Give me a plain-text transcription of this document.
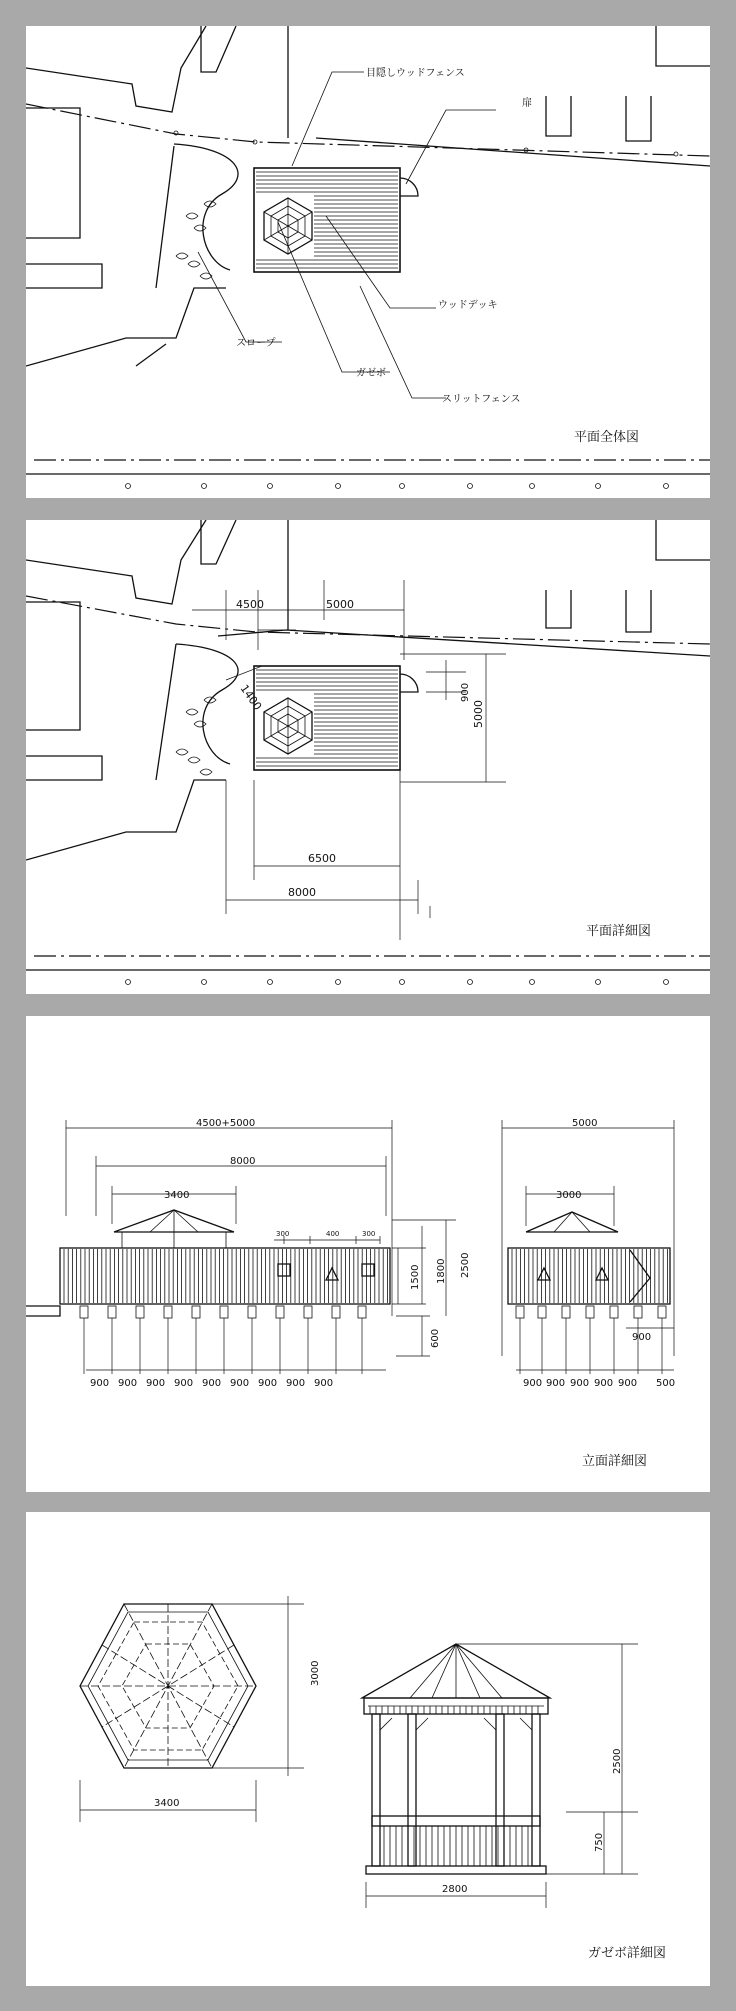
目隠しウッドフェンス
扉
ウッドデッキ
スロープ
ガゼボ
スリットフェンス
平面全体図
4500	5000
1400	900
5000
6500
8000
平面詳細図
4500+5000
8000
3400
300	400	300
1500 1800 2500
600
900 900 900 900 900 900 900 900 900
5000
3000
900
500
900 900 900 900 900
立面詳細図
3000
3400
2500
750
2800
ガゼボ詳細図
